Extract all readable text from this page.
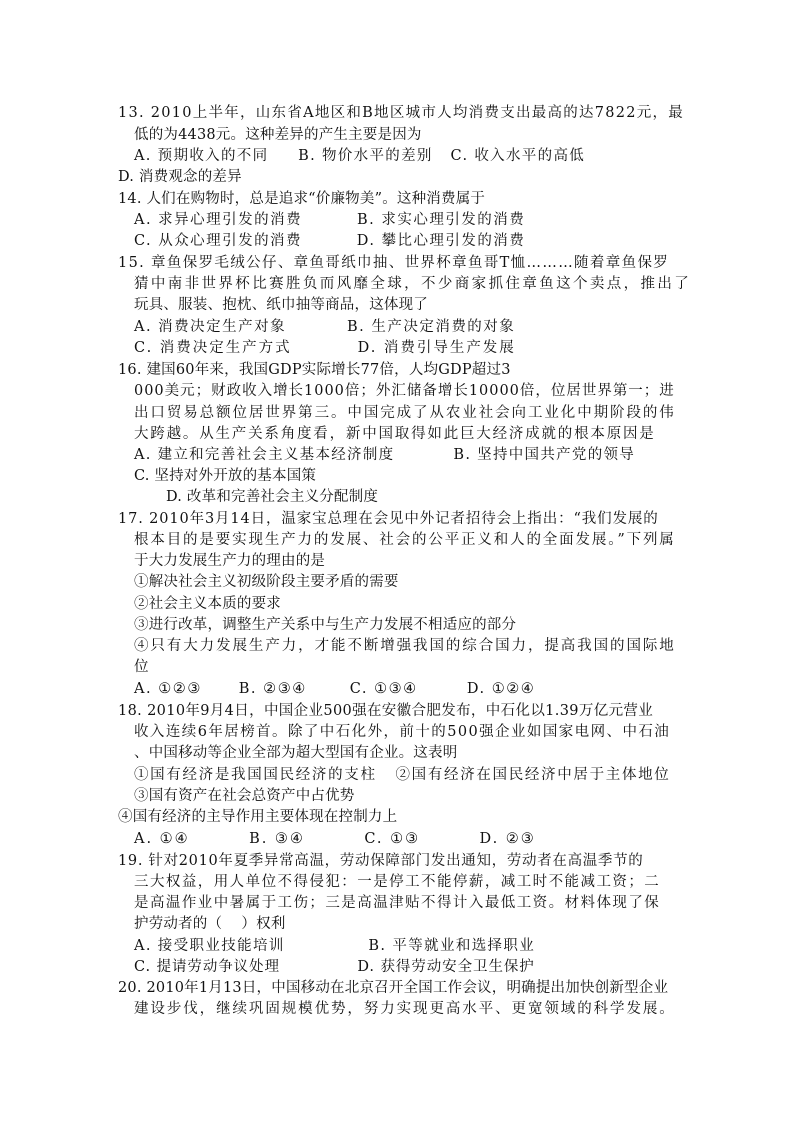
13. 2010上半年，山东省A地区和B地区城市人均消费支出最高的达7822元，最
低的为4438元。这种差异的产生主要是因为
A. 预期收入的不同     B. 物价水平的差别   C. 收入水平的高低
D. 消费观念的差异
14. 人们在购物时，总是追求“价廉物美”。这种消费属于
A. 求异心理引发的消费         B. 求实心理引发的消费
C. 从众心理引发的消费         D. 攀比心理引发的消费
15. 章鱼保罗毛绒公仔、章鱼哥纸巾抽、世界杯章鱼哥T恤………随着章鱼保罗
猜中南非世界杯比赛胜负而风靡全球，不少商家抓住章鱼这个卖点，推出了
玩具、服装、抱枕、纸巾抽等商品，这体现了
A. 消费决定生产对象          B. 生产决定消费的对象
C. 消费决定生产方式          D. 消费引导生产发展
16. 建国60年来，我国GDP实际增长77倍，人均GDP超过3
000美元；财政收入增长1000倍；外汇储备增长10000倍，位居世界第一；进
出口贸易总额位居世界第三。中国完成了从农业社会向工业化中期阶段的伟
大跨越。从生产关系角度看，新中国取得如此巨大经济成就的根本原因是
A. 建立和完善社会主义基本经济制度          B. 坚持中国共产党的领导
C. 坚持对外开放的基本国策
D. 改革和完善社会主义分配制度
17. 2010年3月14日，温家宝总理在会见中外记者招待会上指出：“我们发展的
根本目的是要实现生产力的发展、社会的公平正义和人的全面发展。”下列属
于大力发展生产力的理由的是
①解决社会主义初级阶段主要矛盾的需要
②社会主义本质的要求
③进行改革，调整生产关系中与生产力发展不相适应的部分
④只有大力发展生产力，才能不断增强我国的综合国力，提高我国的国际地
位
A. ①②③      B. ②③④       C. ①③④        D. ①②④
18. 2010年9月4日，中国企业500强在安徽合肥发布，中石化以1.39万亿元营业
收入连续6年居榜首。除了中石化外，前十的500强企业如国家电网、中石油
、中国移动等企业全部为超大型国有企业。这表明
①国有经济是我国国民经济的支柱   ②国有经济在国民经济中居于主体地位
③国有资产在社会总资产中占优势
④国有经济的主导作用主要体现在控制力上
A. ①④         B. ③④         C. ①③         D. ②③
19. 针对2010年夏季异常高温，劳动保障部门发出通知，劳动者在高温季节的
三大权益，用人单位不得侵犯：一是停工不能停薪，减工时不能减工资；二
是高温作业中暑属于工伤；三是高温津贴不得计入最低工资。材料体现了保
护劳动者的（    ）权利
A. 接受职业技能培训              B. 平等就业和选择职业
C. 提请劳动争议处理              D. 获得劳动安全卫生保护
20. 2010年1月13日，中国移动在北京召开全国工作会议，明确提出加快创新型企业
建设步伐，继续巩固规模优势，努力实现更高水平、更宽领域的科学发展。
